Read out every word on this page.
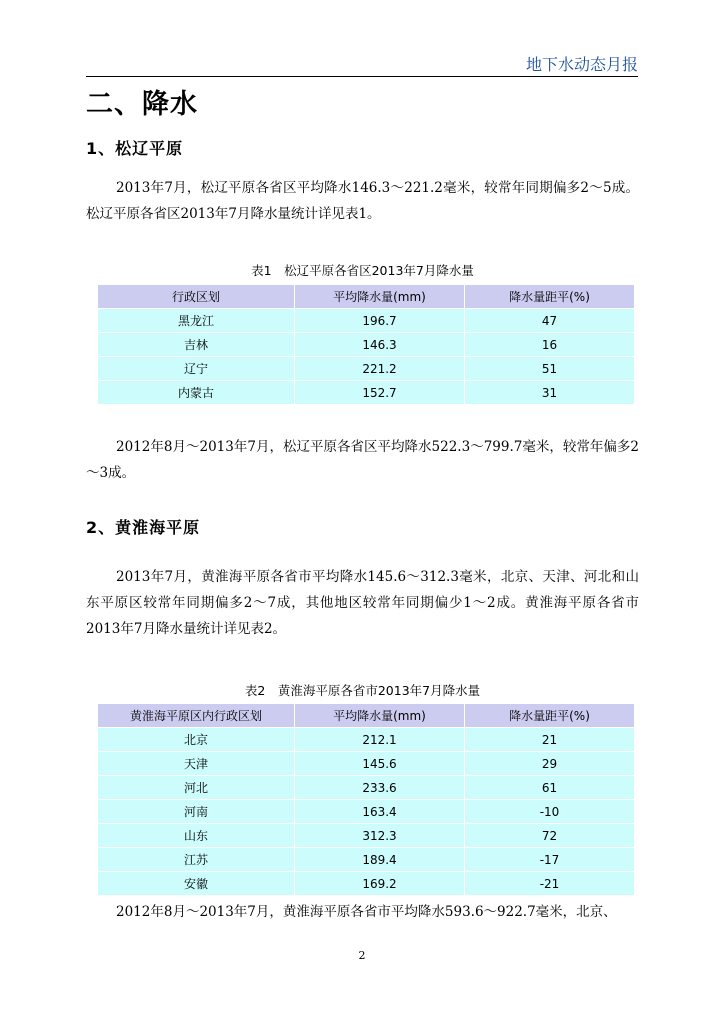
地下水动态月报
二、降水
1、松辽平原
2013年7月，松辽平原各省区平均降水146.3～221.2毫米，较常年同期偏多2～5成。松辽平原各省区2013年7月降水量统计详见表1。
表1　松辽平原各省区2013年7月降水量
行政区划	平均降水量(mm)	降水量距平(%)
黑龙江	196.7	47
吉林	146.3	16
辽宁	221.2	51
内蒙古	152.7	31
2012年8月～2013年7月，松辽平原各省区平均降水522.3～799.7毫米，较常年偏多2～3成。
2、黄淮海平原
2013年7月，黄淮海平原各省市平均降水145.6～312.3毫米，北京、天津、河北和山东平原区较常年同期偏多2～7成，其他地区较常年同期偏少1～2成。黄淮海平原各省市2013年7月降水量统计详见表2。
表2　黄淮海平原各省市2013年7月降水量
黄淮海平原区内行政区划	平均降水量(mm)	降水量距平(%)
北京	212.1	21
天津	145.6	29
河北	233.6	61
河南	163.4	-10
山东	312.3	72
江苏	189.4	-17
安徽	169.2	-21
2012年8月～2013年7月，黄淮海平原各省市平均降水593.6～922.7毫米，北京、
2
